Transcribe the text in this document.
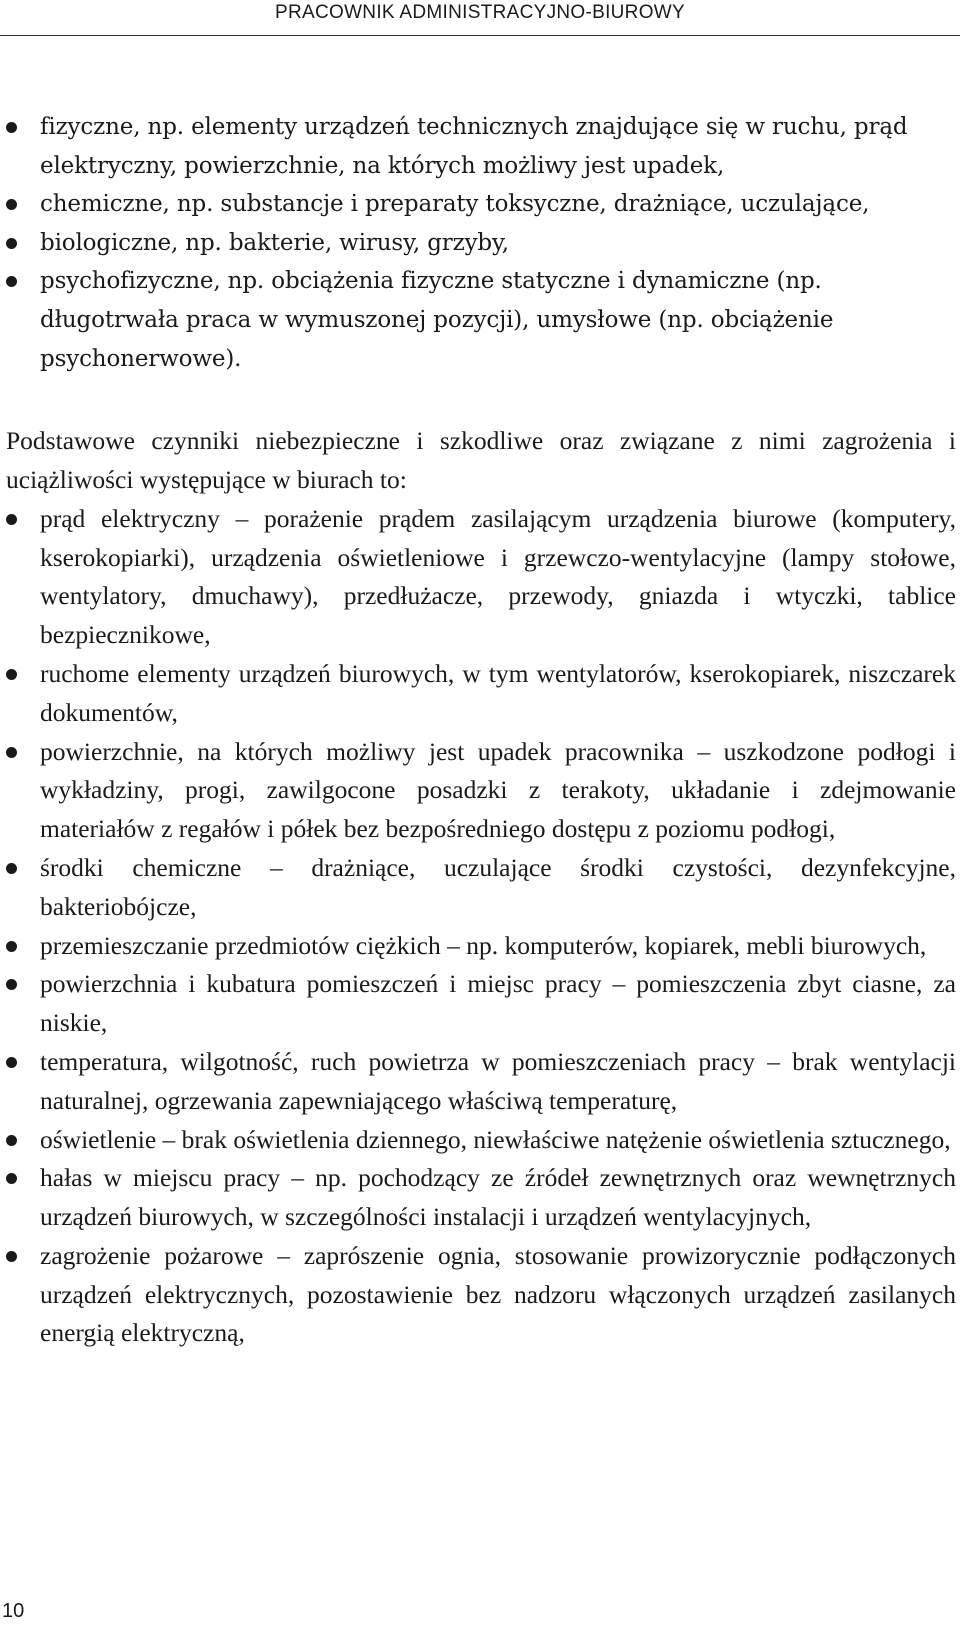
PRACOWNIK ADMINISTRACYJNO-BIUROWY
fizyczne, np. elementy urządzeń technicznych znajdujące się w ruchu, prąd elektryczny, powierzchnie, na których możliwy jest upadek,
chemiczne, np. substancje i preparaty toksyczne, drażniące, uczulające,
biologiczne, np. bakterie, wirusy, grzyby,
psychofizyczne, np. obciążenia fizyczne statyczne i dynamiczne (np. długotrwała praca w wymuszonej pozycji), umysłowe (np. obciążenie psychonerwowe).

Podstawowe czynniki niebezpieczne i szkodliwe oraz związane z nimi zagrożenia i uciążliwości występujące w biurach to:

prąd elektryczny – porażenie prądem zasilającym urządzenia biurowe (komputery, kserokopiarki), urządzenia oświetleniowe i grzewczo-wentylacyjne (lampy stołowe, wentylatory, dmuchawy), przedłużacze, przewody, gniazda i wtyczki, tablice bezpiecznikowe,
ruchome elementy urządzeń biurowych, w tym wentylatorów, kserokopiarek, niszczarek dokumentów,
powierzchnie, na których możliwy jest upadek pracownika – uszkodzone podłogi i wykładziny, progi, zawilgocone posadzki z terakoty, układanie i zdejmowanie materiałów z regałów i półek bez bezpośredniego dostępu z poziomu podłogi,
środki chemiczne – drażniące, uczulające środki czystości, dezynfekcyjne, bakteriobójcze,
przemieszczanie przedmiotów ciężkich – np. komputerów, kopiarek, mebli biurowych,
powierzchnia i kubatura pomieszczeń i miejsc pracy – pomieszczenia zbyt ciasne, za niskie,
temperatura, wilgotność, ruch powietrza w pomieszczeniach pracy – brak wentylacji naturalnej, ogrzewania zapewniającego właściwą temperaturę,
oświetlenie – brak oświetlenia dziennego, niewłaściwe natężenie oświetlenia sztucznego,
hałas w miejscu pracy – np. pochodzący ze źródeł zewnętrznych oraz wewnętrznych urządzeń biurowych, w szczególności instalacji i urządzeń wentylacyjnych,
zagrożenie pożarowe – zaprószenie ognia, stosowanie prowizorycznie podłączonych urządzeń elektrycznych, pozostawienie bez nadzoru włączonych urządzeń zasilanych energią elektryczną,
10
